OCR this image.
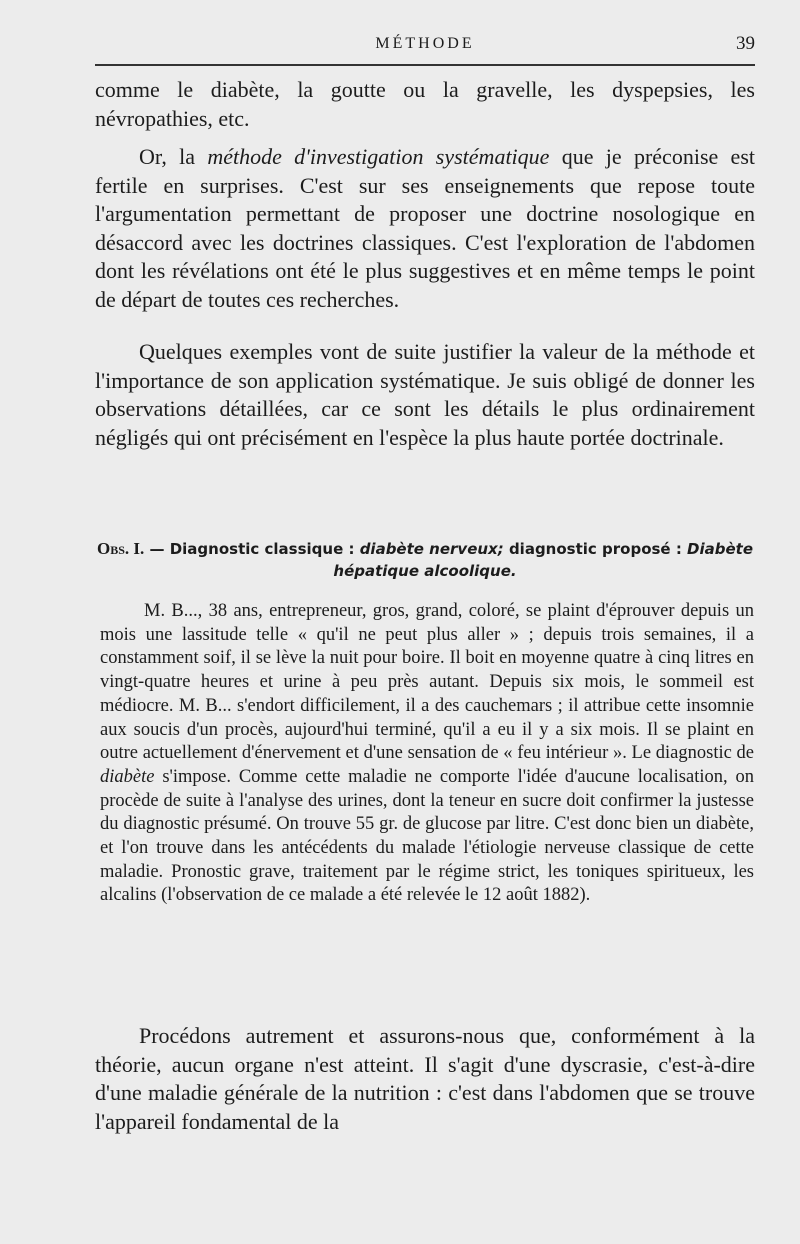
MÉTHODE	39

comme le diabète, la goutte ou la gravelle, les dyspepsies, les névropathies, etc.

Or, la méthode d'investigation systématique que je préconise est fertile en surprises. C'est sur ses enseignements que repose toute l'argumentation permettant de proposer une doctrine nosologique en désaccord avec les doctrines classiques. C'est l'exploration de l'abdomen dont les révélations ont été le plus suggestives et en même temps le point de départ de toutes ces recherches.

Quelques exemples vont de suite justifier la valeur de la méthode et l'importance de son application systématique. Je suis obligé de donner les observations détaillées, car ce sont les détails le plus ordinairement négligés qui ont précisément en l'espèce la plus haute portée doctrinale.

Obs. I. — Diagnostic classique : diabète nerveux; diagnostic proposé : Diabète hépatique alcoolique.

M. B..., 38 ans, entrepreneur, gros, grand, coloré, se plaint d'éprouver depuis un mois une lassitude telle « qu'il ne peut plus aller » ; depuis trois semaines, il a constamment soif, il se lève la nuit pour boire. Il boit en moyenne quatre à cinq litres en vingt-quatre heures et urine à peu près autant. Depuis six mois, le sommeil est médiocre. M. B... s'endort difficilement, il a des cauchemars ; il attribue cette insomnie aux soucis d'un procès, aujourd'hui terminé, qu'il a eu il y a six mois. Il se plaint en outre actuellement d'énervement et d'une sensation de « feu intérieur ». Le diagnostic de diabète s'impose. Comme cette maladie ne comporte l'idée d'aucune localisation, on procède de suite à l'analyse des urines, dont la teneur en sucre doit confirmer la justesse du diagnostic présumé. On trouve 55 gr. de glucose par litre. C'est donc bien un diabète, et l'on trouve dans les antécédents du malade l'étiologie nerveuse classique de cette maladie. Pronostic grave, traitement par le régime strict, les toniques spiritueux, les alcalins (l'observation de ce malade a été relevée le 12 août 1882).

Procédons autrement et assurons-nous que, conformément à la théorie, aucun organe n'est atteint. Il s'agit d'une dyscrasie, c'est-à-dire d'une maladie générale de la nutrition : c'est dans l'abdomen que se trouve l'appareil fondamental de la
